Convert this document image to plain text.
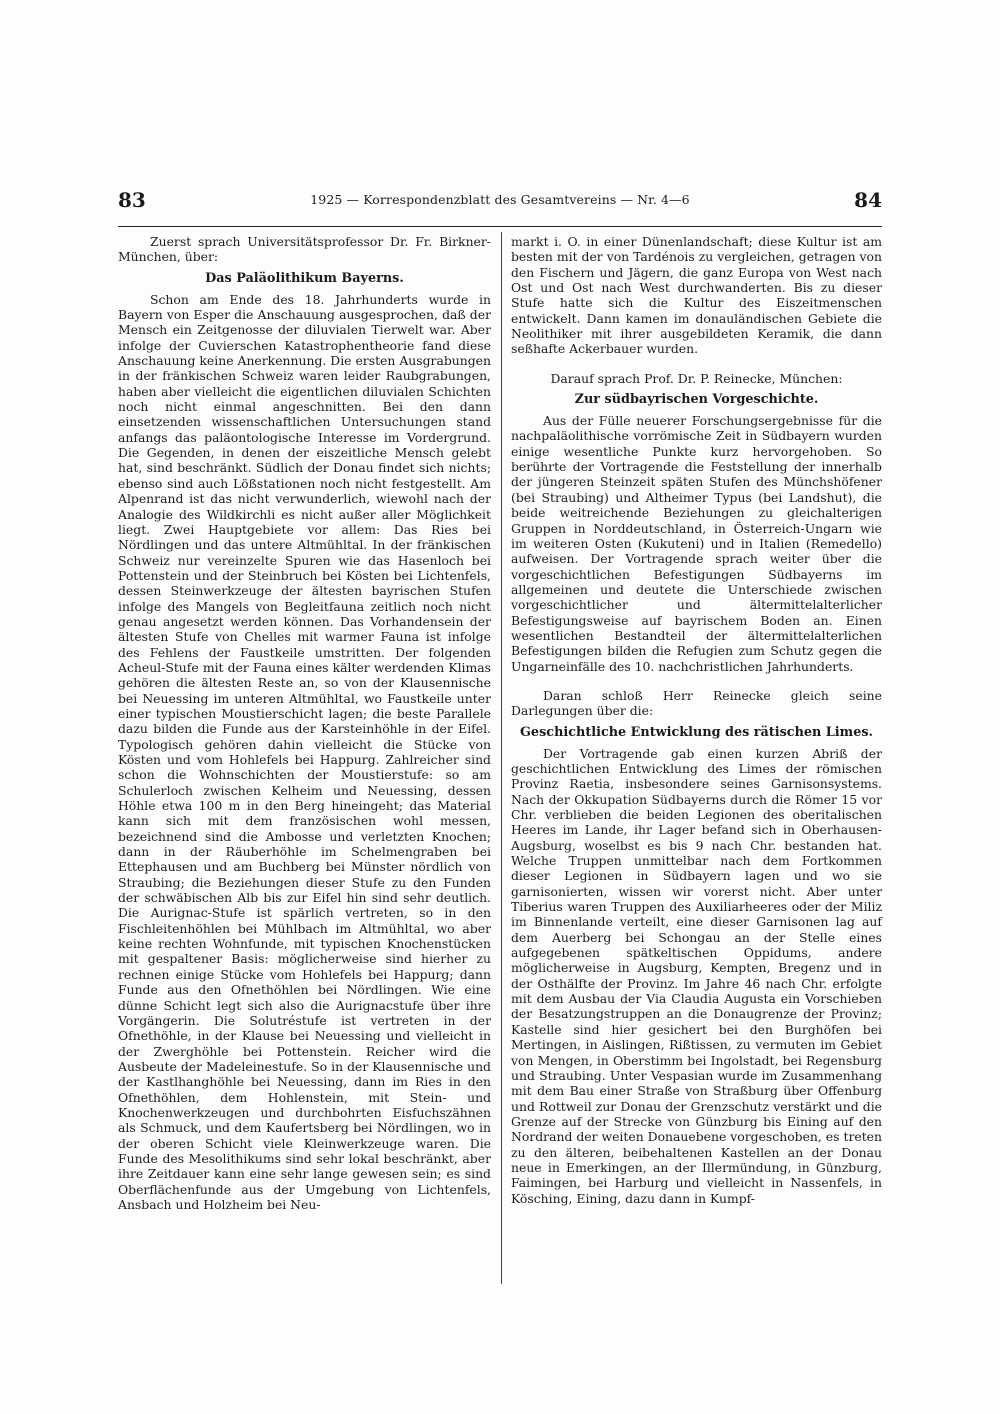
83	1925 — Korrespondenzblatt des Gesamtvereins — Nr. 4—6	84

Zuerst sprach Universitätsprofessor Dr. Fr. Birkner-München, über:

Das Paläolithikum Bayerns.

Schon am Ende des 18. Jahrhunderts wurde in Bayern von Esper die Anschauung ausgesprochen, daß der Mensch ein Zeitgenosse der diluvialen Tierwelt war. Aber infolge der Cuvierschen Katastrophentheorie fand diese Anschauung keine Anerkennung. Die ersten Ausgrabungen in der fränkischen Schweiz waren leider Raubgrabungen, haben aber vielleicht die eigentlichen diluvialen Schichten noch nicht einmal angeschnitten. Bei den dann einsetzenden wissenschaftlichen Untersuchungen stand anfangs das paläontologische Interesse im Vordergrund. Die Gegenden, in denen der eiszeitliche Mensch gelebt hat, sind beschränkt. Südlich der Donau findet sich nichts; ebenso sind auch Lößstationen noch nicht festgestellt. Am Alpenrand ist das nicht verwunderlich, wiewohl nach der Analogie des Wildkirchli es nicht außer aller Möglichkeit liegt. Zwei Hauptgebiete vor allem: Das Ries bei Nördlingen und das untere Altmühltal. In der fränkischen Schweiz nur vereinzelte Spuren wie das Hasenloch bei Pottenstein und der Steinbruch bei Kösten bei Lichtenfels, dessen Steinwerkzeuge der ältesten bayrischen Stufen infolge des Mangels von Begleitfauna zeitlich noch nicht genau angesetzt werden können. Das Vorhandensein der ältesten Stufe von Chelles mit warmer Fauna ist infolge des Fehlens der Faustkeile umstritten. Der folgenden Acheul-Stufe mit der Fauna eines kälter werdenden Klimas gehören die ältesten Reste an, so von der Klausennische bei Neuessing im unteren Altmühltal, wo Faustkeile unter einer typischen Moustierschicht lagen; die beste Parallele dazu bilden die Funde aus der Karsteinhöhle in der Eifel. Typologisch gehören dahin vielleicht die Stücke von Kösten und vom Hohlefels bei Happurg. Zahlreicher sind schon die Wohnschichten der Moustierstufe: so am Schulerloch zwischen Kelheim und Neuessing, dessen Höhle etwa 100 m in den Berg hineingeht; das Material kann sich mit dem französischen wohl messen, bezeichnend sind die Ambosse und verletzten Knochen; dann in der Räuberhöhle im Schelmengraben bei Ettephausen und am Buchberg bei Münster nördlich von Straubing; die Beziehungen dieser Stufe zu den Funden der schwäbischen Alb bis zur Eifel hin sind sehr deutlich. Die Aurignac-Stufe ist spärlich vertreten, so in den Fischleitenhöhlen bei Mühlbach im Altmühltal, wo aber keine rechten Wohnfunde, mit typischen Knochenstücken mit gespaltener Basis: möglicherweise sind hierher zu rechnen einige Stücke vom Hohlefels bei Happurg; dann Funde aus den Ofnethöhlen bei Nördlingen. Wie eine dünne Schicht legt sich also die Aurignacstufe über ihre Vorgängerin. Die Solutréstufe ist vertreten in der Ofnethöhle, in der Klause bei Neuessing und vielleicht in der Zwerghöhle bei Pottenstein. Reicher wird die Ausbeute der Madeleinestufe. So in der Klausennische und der Kastlhanghöhle bei Neuessing, dann im Ries in den Ofnethöhlen, dem Hohlenstein, mit Stein- und Knochenwerkzeugen und durchbohrten Eisfuchszähnen als Schmuck, und dem Kaufertsberg bei Nördlingen, wo in der oberen Schicht viele Kleinwerkzeuge waren. Die Funde des Mesolithikums sind sehr lokal beschränkt, aber ihre Zeitdauer kann eine sehr lange gewesen sein; es sind Oberflächenfunde aus der Umgebung von Lichtenfels, Ansbach und Holzheim bei Neu-

markt i. O. in einer Dünenlandschaft; diese Kultur ist am besten mit der von Tardénois zu vergleichen, getragen von den Fischern und Jägern, die ganz Europa von West nach Ost und Ost nach West durchwanderten. Bis zu dieser Stufe hatte sich die Kultur des Eiszeitmenschen entwickelt. Dann kamen im donauländischen Gebiete die Neolithiker mit ihrer ausgebildeten Keramik, die dann seßhafte Ackerbauer wurden.

Darauf sprach Prof. Dr. P. Reinecke, München:

Zur südbayrischen Vorgeschichte.

Aus der Fülle neuerer Forschungsergebnisse für die nachpaläolithische vorrömische Zeit in Südbayern wurden einige wesentliche Punkte kurz hervorgehoben. So berührte der Vortragende die Feststellung der innerhalb der jüngeren Steinzeit späten Stufen des Münchshöfener (bei Straubing) und Altheimer Typus (bei Landshut), die beide weitreichende Beziehungen zu gleichalterigen Gruppen in Norddeutschland, in Österreich-Ungarn wie im weiteren Osten (Kukuteni) und in Italien (Remedello) aufweisen. Der Vortragende sprach weiter über die vorgeschichtlichen Befestigungen Südbayerns im allgemeinen und deutete die Unterschiede zwischen vorgeschichtlicher und ältermittelalterlicher Befestigungsweise auf bayrischem Boden an. Einen wesentlichen Bestandteil der ältermittelalterlichen Befestigungen bilden die Refugien zum Schutz gegen die Ungarneinfälle des 10. nachchristlichen Jahrhunderts.

Daran schloß Herr Reinecke gleich seine Darlegungen über die:

Geschichtliche Entwicklung des rätischen Limes.

Der Vortragende gab einen kurzen Abriß der geschichtlichen Entwicklung des Limes der römischen Provinz Raetia, insbesondere seines Garnisonsystems. Nach der Okkupation Südbayerns durch die Römer 15 vor Chr. verblieben die beiden Legionen des oberitalischen Heeres im Lande, ihr Lager befand sich in Oberhausen-Augsburg, woselbst es bis 9 nach Chr. bestanden hat. Welche Truppen unmittelbar nach dem Fortkommen dieser Legionen in Südbayern lagen und wo sie garnisonierten, wissen wir vorerst nicht. Aber unter Tiberius waren Truppen des Auxiliarheeres oder der Miliz im Binnenlande verteilt, eine dieser Garnisonen lag auf dem Auerberg bei Schongau an der Stelle eines aufgegebenen spätkeltischen Oppidums, andere möglicherweise in Augsburg, Kempten, Bregenz und in der Osthälfte der Provinz. Im Jahre 46 nach Chr. erfolgte mit dem Ausbau der Via Claudia Augusta ein Vorschieben der Besatzungstruppen an die Donaugrenze der Provinz; Kastelle sind hier gesichert bei den Burghöfen bei Mertingen, in Aislingen, Rißtissen, zu vermuten im Gebiet von Mengen, in Oberstimm bei Ingolstadt, bei Regensburg und Straubing. Unter Vespasian wurde im Zusammenhang mit dem Bau einer Straße von Straßburg über Offenburg und Rottweil zur Donau der Grenzschutz verstärkt und die Grenze auf der Strecke von Günzburg bis Eining auf den Nordrand der weiten Donauebene vorgeschoben, es treten zu den älteren, beibehaltenen Kastellen an der Donau neue in Emerkingen, an der Illermündung, in Günzburg, Faimingen, bei Harburg und vielleicht in Nassenfels, in Kösching, Eining, dazu dann in Kumpf-
